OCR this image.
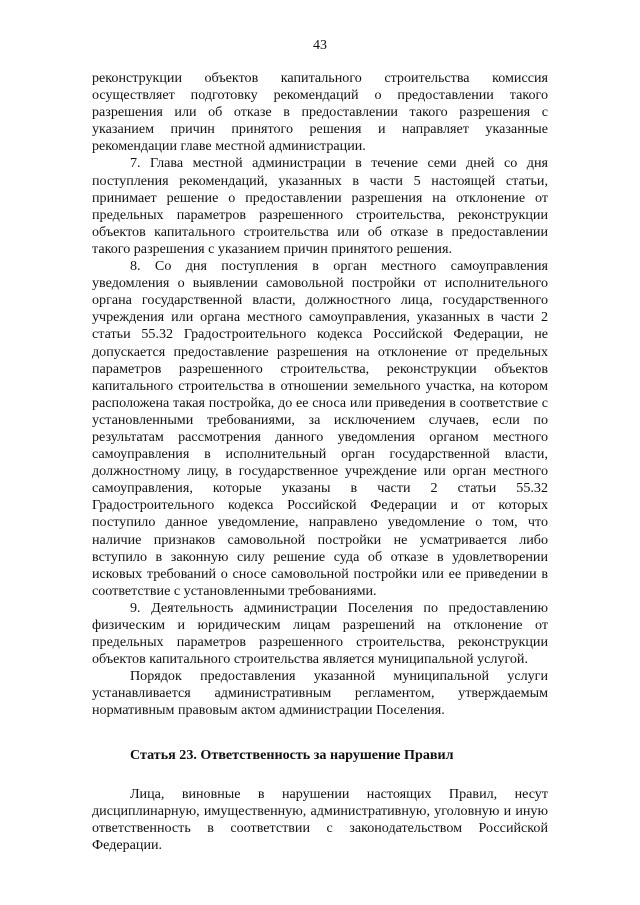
43

реконструкции объектов капитального строительства комиссия осуществляет подготовку рекомендаций о предоставлении такого разрешения или об отказе в предоставлении такого разрешения с указанием причин принятого решения и направляет указанные рекомендации главе местной администрации.

7. Глава местной администрации в течение семи дней со дня поступления рекомендаций, указанных в части 5 настоящей статьи, принимает решение о предоставлении разрешения на отклонение от предельных параметров разрешенного строительства, реконструкции объектов капитального строительства или об отказе в предоставлении такого разрешения с указанием причин принятого решения.

8. Со дня поступления в орган местного самоуправления уведомления о выявлении самовольной постройки от исполнительного органа государственной власти, должностного лица, государственного учреждения или органа местного самоуправления, указанных в части 2 статьи 55.32 Градостроительного кодекса Российской Федерации, не допускается предоставление разрешения на отклонение от предельных параметров разрешенного строительства, реконструкции объектов капитального строительства в отношении земельного участка, на котором расположена такая постройка, до ее сноса или приведения в соответствие с установленными требованиями, за исключением случаев, если по результатам рассмотрения данного уведомления органом местного самоуправления в исполнительный орган государственной власти, должностному лицу, в государственное учреждение или орган местного самоуправления, которые указаны в части 2 статьи 55.32 Градостроительного кодекса Российской Федерации и от которых поступило данное уведомление, направлено уведомление о том, что наличие признаков самовольной постройки не усматривается либо вступило в законную силу решение суда об отказе в удовлетворении исковых требований о сносе самовольной постройки или ее приведении в соответствие с установленными требованиями.

9. Деятельность администрации Поселения по предоставлению физическим и юридическим лицам разрешений на отклонение от предельных параметров разрешенного строительства, реконструкции объектов капитального строительства является муниципальной услугой.

Порядок предоставления указанной муниципальной услуги устанавливается административным регламентом, утверждаемым нормативным правовым актом администрации Поселения.

Статья 23. Ответственность за нарушение Правил

Лица, виновные в нарушении настоящих Правил, несут дисциплинарную, имущественную, административную, уголовную и иную ответственность в соответствии с законодательством Российской Федерации.
